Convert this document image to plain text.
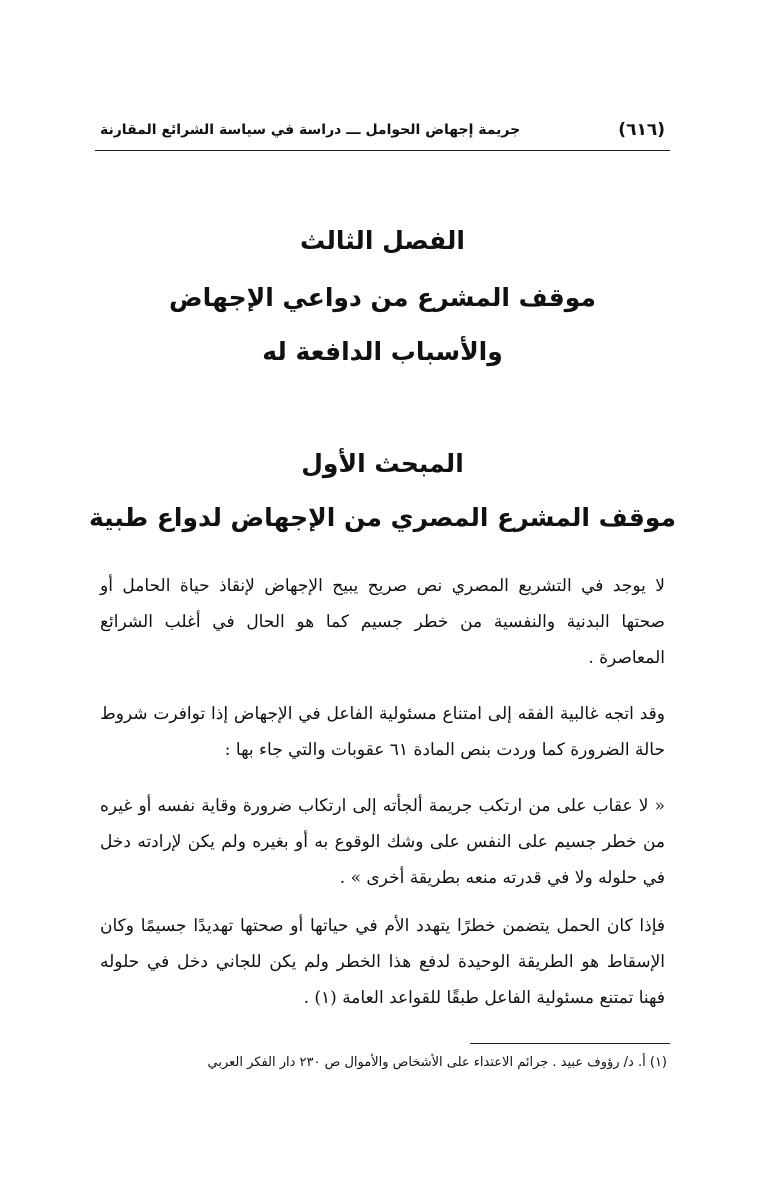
(٦١٦)
جريمة إجهاض الحوامل ـــ دراسة في سياسة الشرائع المقارنة
الفصل الثالث
موقف المشرع من دواعي الإجهاض
والأسباب الدافعة له
المبحث الأول
موقف المشرع المصري من الإجهاض لدواع طبية

لا يوجد في التشريع المصري نص صريح يبيح الإجهاض لإنقاذ حياة الحامل أو صحتها البدنية والنفسية من خطر جسيم كما هو الحال في أغلب الشرائع المعاصرة .

وقد اتجه غالبية الفقه إلى امتناع مسئولية الفاعل في الإجهاض إذا توافرت شروط حالة الضرورة كما وردت بنص المادة ٦١ عقوبات والتي جاء بها :

« لا عقاب على من ارتكب جريمة ألجأته إلى ارتكاب ضرورة وقاية نفسه أو غيره من خطر جسيم على النفس على وشك الوقوع به أو بغيره ولم يكن لإرادته دخل في حلوله ولا في قدرته منعه بطريقة أخرى » .

فإذا كان الحمل يتضمن خطرًا يتهدد الأم في حياتها أو صحتها تهديدًا جسيمًا وكان الإسقاط هو الطريقة الوحيدة لدفع هذا الخطر ولم يكن للجاني دخل في حلوله فهنا تمتنع مسئولية الفاعل طبقًا للقواعد العامة (١) .

(١) أ. د/ رؤوف عبيد . جرائم الاعتداء على الأشخاص والأموال ص ٢٣٠ دار الفكر العربي
